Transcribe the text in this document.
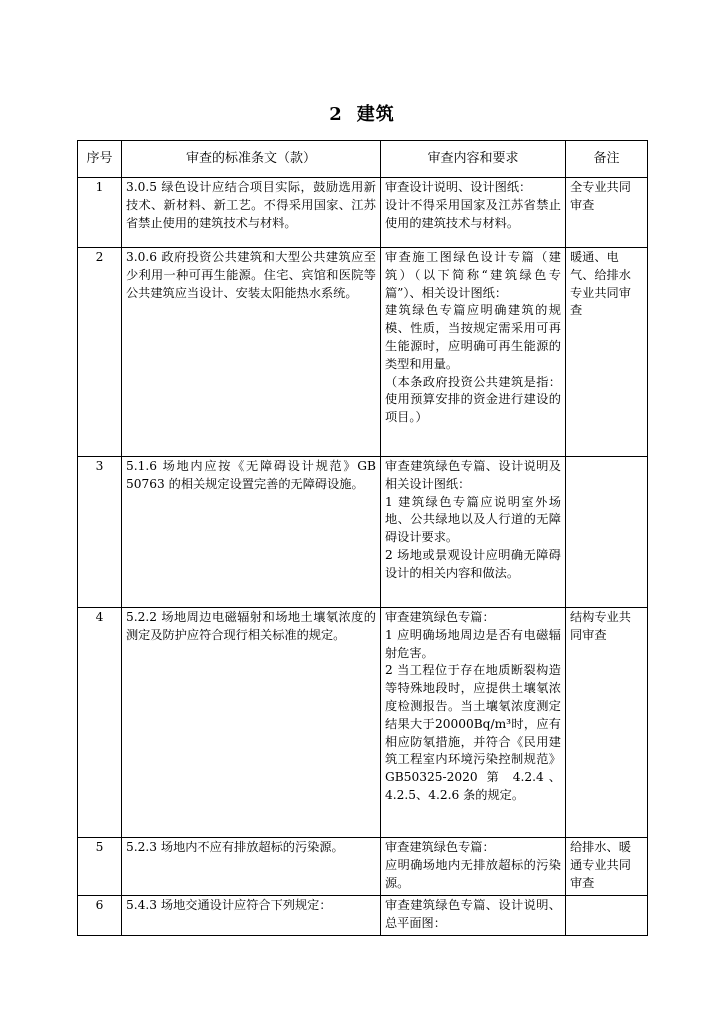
2 建筑
序号	审查的标准条文（款）	审查内容和要求	备注
1	3.0.5 绿色设计应结合项目实际，鼓励选用新技术、新材料、新工艺。不得采用国家、江苏省禁止使用的建筑技术与材料。	审查设计说明、设计图纸：
设计不得采用国家及江苏省禁止使用的建筑技术与材料。	全专业共同审查
2	3.0.6 政府投资公共建筑和大型公共建筑应至少利用一种可再生能源。住宅、宾馆和医院等公共建筑应当设计、安装太阳能热水系统。	审查施工图绿色设计专篇（建筑）（以下简称“建筑绿色专篇”）、相关设计图纸：
建筑绿色专篇应明确建筑的规模、性质，当按规定需采用可再生能源时，应明确可再生能源的类型和用量。
（本条政府投资公共建筑是指：使用预算安排的资金进行建设的项目。）	暖通、电气、给排水专业共同审查
3	5.1.6 场地内应按《无障碍设计规范》GB 50763 的相关规定设置完善的无障碍设施。	审查建筑绿色专篇、设计说明及相关设计图纸：
1 建筑绿色专篇应说明室外场地、公共绿地以及人行道的无障碍设计要求。
2 场地或景观设计应明确无障碍设计的相关内容和做法。	

4	5.2.2 场地周边电磁辐射和场地土壤氡浓度的测定及防护应符合现行相关标准的规定。	审查建筑绿色专篇：
1 应明确场地周边是否有电磁辐射危害。
2 当工程位于存在地质断裂构造等特殊地段时，应提供土壤氡浓度检测报告。当土壤氡浓度测定结果大于20000Bq/m³时，应有相应防氡措施，并符合《民用建筑工程室内环境污染控制规范》GB50325-2020 第 4.2.4、4.2.5、4.2.6 条的规定。	结构专业共同审查
5	5.2.3 场地内不应有排放超标的污染源。	审查建筑绿色专篇：
应明确场地内无排放超标的污染源。	给排水、暖通专业共同审查
6	5.4.3 场地交通设计应符合下列规定：	审查建筑绿色专篇、设计说明、总平面图：	
